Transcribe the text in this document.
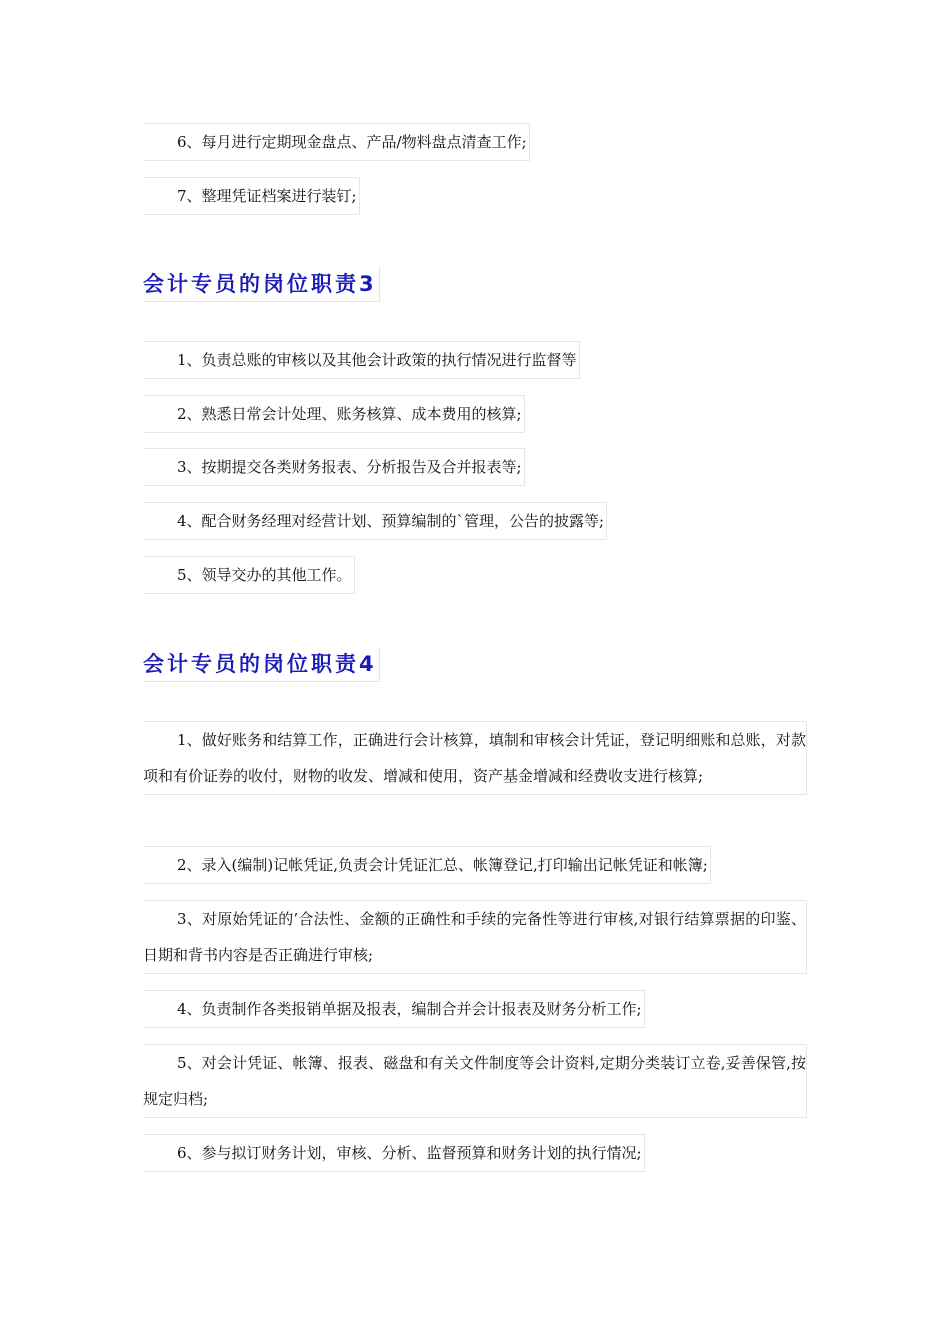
6、每月进行定期现金盘点、产品/物料盘点清查工作;

7、整理凭证档案进行装钉;

会计专员的岗位职责3

1、负责总账的审核以及其他会计政策的执行情况进行监督等

2、熟悉日常会计处理、账务核算、成本费用的核算;

3、按期提交各类财务报表、分析报告及合并报表等;

4、配合财务经理对经营计划、预算编制的`管理，公告的披露等;

5、领导交办的其他工作。

会计专员的岗位职责4

1、做好账务和结算工作，正确进行会计核算，填制和审核会计凭证，登记明细账和总账，对款项和有价证券的收付，财物的收发、增减和使用，资产基金增减和经费收支进行核算;

2、录入(编制)记帐凭证,负责会计凭证汇总、帐簿登记,打印输出记帐凭证和帐簿;

3、对原始凭证的’合法性、金额的正确性和手续的完备性等进行审核,对银行结算票据的印鉴、日期和背书内容是否正确进行审核;

4、负责制作各类报销单据及报表，编制合并会计报表及财务分析工作;

5、对会计凭证、帐簿、报表、磁盘和有关文件制度等会计资料,定期分类装订立卷,妥善保管,按规定归档;

6、参与拟订财务计划，审核、分析、监督预算和财务计划的执行情况;
